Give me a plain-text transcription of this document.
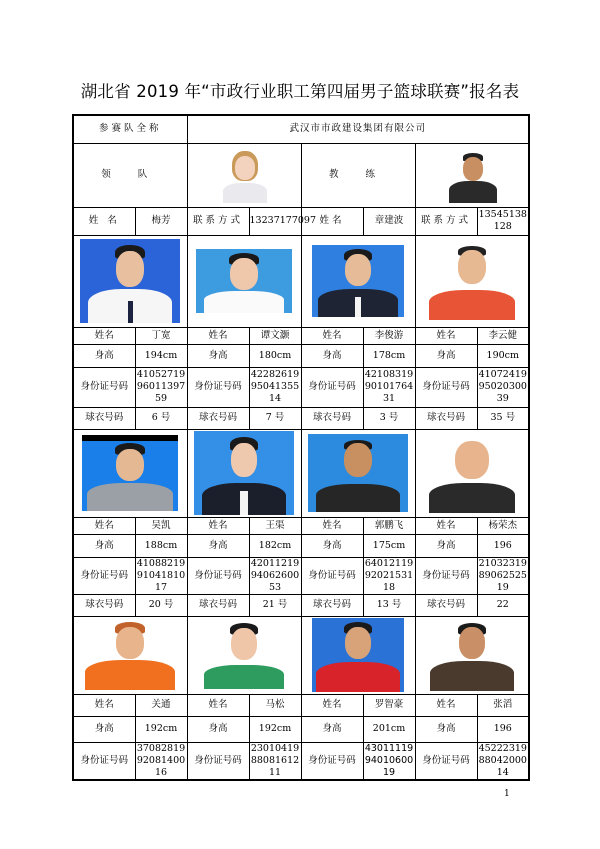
湖北省 2019 年“市政行业职工第四届男子篮球联赛”报名表
参赛队全称		武汉市市政建设集团有限公司					
领 队				教 练			

姓 名	梅芳	联系方式	13237177097	姓名	章建波	联系方式	13545138128

姓名	丁宽	姓名	谭文灏	姓名	李俊游	姓名	李云健
身高	194cm	身高	180cm	身高	178cm	身高	190cm
身份证号码	410527199601139759	身份证号码	422826199504135514	身份证号码	421083199010176431	身份证号码	410724199502030039
球衣号码	6 号	球衣号码	7 号	球衣号码	3 号	球衣号码	35 号

姓名	吴凯	姓名	王渠	姓名	郭鹏飞	姓名	杨荣杰
身高	188cm	身高	182cm	身高	175cm	身高	196
身份证号码	410882199104181017	身份证号码	420112199406260053	身份证号码	640121199202153118	身份证号码	210323198906252519
球衣号码	20 号	球衣号码	21 号	球衣号码	13 号	球衣号码	22

姓名	关通	姓名	马松	姓名	罗智豪	姓名	张滔
身高	192cm	身高	192cm	身高	201cm	身高	196
身份证号码	370828199208140016	身份证号码	230104198808161211	身份证号码	430111199401060019	身份证号码	452223198804200014
1
